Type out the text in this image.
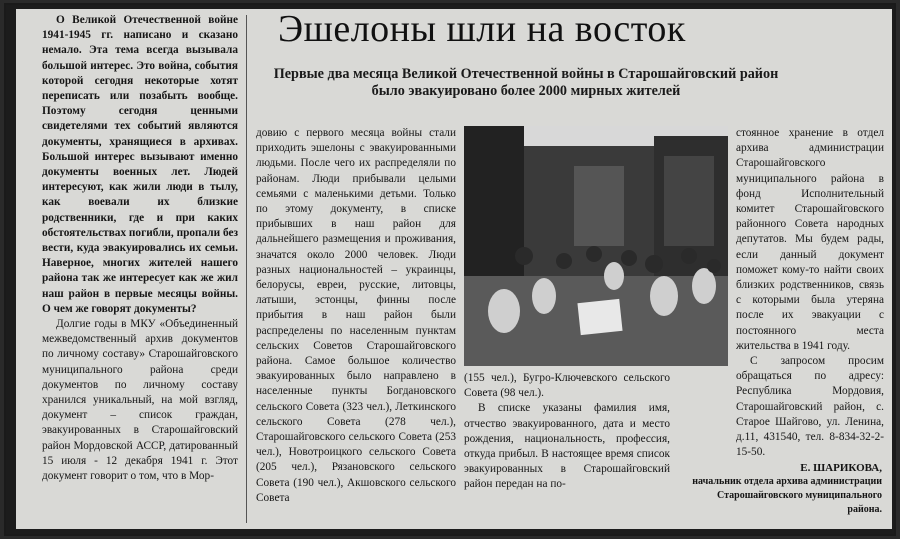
О Великой Отечественной войне 1941-1945 гг. написано и сказано немало. Эта тема всегда вызывала большой интерес. Это война, события которой сегодня некоторые хотят переписать или позабыть вообще. Поэтому сегодня ценными свидетелями тех событий являются документы, хранящиеся в архивах. Большой интерес вызывают именно документы военных лет. Людей интересуют, как жили люди в тылу, как воевали их близкие родственники, где и при каких обстоятельствах погибли, пропали без вести, куда эвакуировались их семьи. Наверное, многих жителей нашего района так же интересует как же жил наш район в первые месяцы войны. О чем же говорят документы?

Долгие годы в МКУ «Объединенный межведомственный архив документов по личному составу» Старошайговского муниципального района среди документов по личному составу хранился уникальный, на мой взгляд, документ – список граждан, эвакуированных в Старошайговский район Мордовской АССР, датированный 15 июля - 12 декабря 1941 г. Этот документ говорит о том, что в Мор-

Эшелоны шли на восток
Первые два месяца Великой Отечественной войны в Старошайговский район было эвакуировано более 2000 мирных жителей

довию с первого месяца войны стали приходить эшелоны с эвакуированными людьми. После чего их распределяли по районам. Люди прибывали целыми семьями с маленькими детьми. Только по этому документу, в списке прибывших в наш район для дальнейшего размещения и проживания, значатся около 2000 человек. Люди разных национальностей – украинцы, белорусы, евреи, русские, литовцы, латыши, эстонцы, финны после прибытия в наш район были распределены по населенным пунктам сельских Советов Старошайговского района. Самое большое количество эвакуированных было направлено в населенные пункты Богдановского сельского Совета (323 чел.), Леткинского сельского Совета (278 чел.), Старошайговского сельского Совета (253 чел.), Новотроицкого сельского Совета (205 чел.), Рязановского сельского Совета (190 чел.), Акшовского сельского Совета

(155 чел.), Бугро-Ключевского сельского Совета (98 чел.).

В списке указаны фамилия имя, отчество эвакуированного, дата и место рождения, национальность, профессия, откуда прибыл. В настоящее время список эвакуированных в Старошайговский район передан на по-

стоянное хранение в отдел архива администрации Старошайговского муниципального района в фонд Исполнительный комитет Старошайговского районного Совета народных депутатов. Мы будем рады, если данный документ поможет кому-то найти своих близких родственников, связь с которыми была утеряна после их эвакуации с постоянного места жительства в 1941 году.

С запросом просим обращаться по адресу: Республика Мордовия, Старошайговский район, с. Старое Шайгово, ул. Ленина, д.11, 431540, тел. 8-834-32-2-15-50.

Е. ШАРИКОВА,
начальник отдела архива администрации Старошайговского муниципального района.
